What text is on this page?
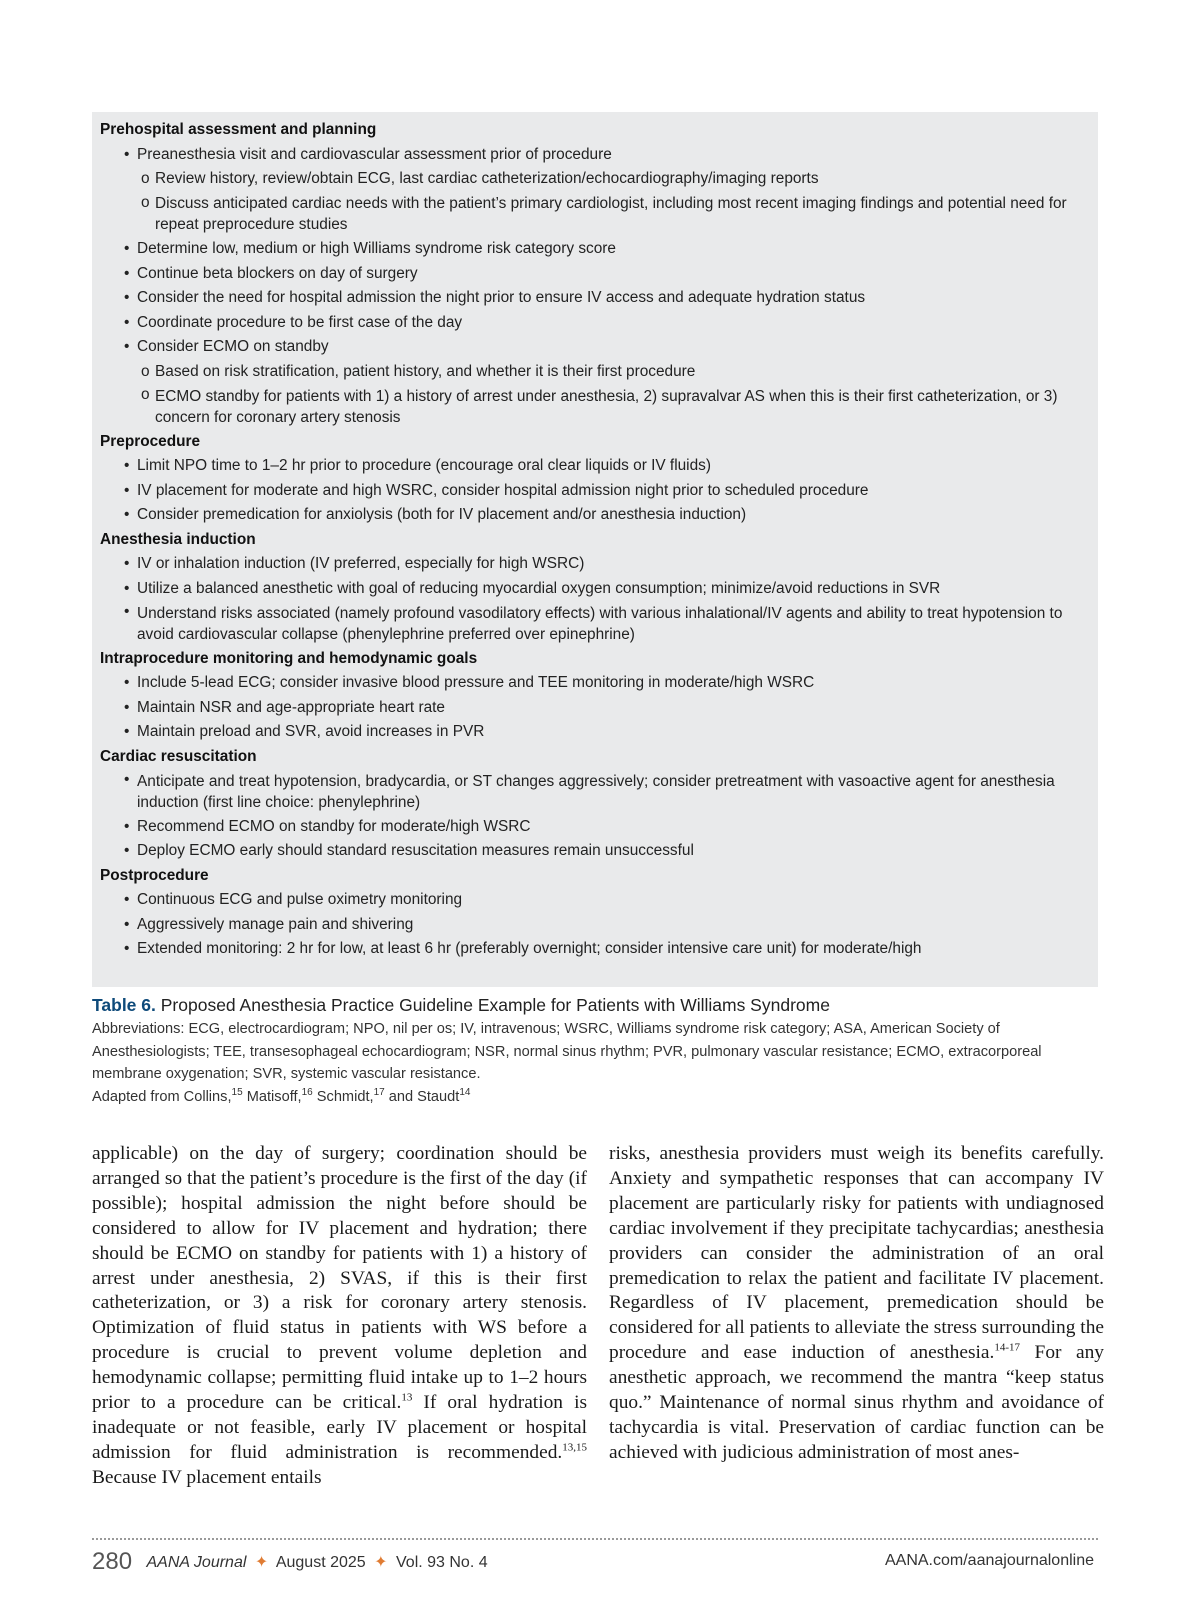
Prehospital assessment and planning
• Preanesthesia visit and cardiovascular assessment prior of procedure
o Review history, review/obtain ECG, last cardiac catheterization/echocardiography/imaging reports
o Discuss anticipated cardiac needs with the patient’s primary cardiologist, including most recent imaging findings and potential need for repeat preprocedure studies
• Determine low, medium or high Williams syndrome risk category score
• Continue beta blockers on day of surgery
• Consider the need for hospital admission the night prior to ensure IV access and adequate hydration status
• Coordinate procedure to be first case of the day
• Consider ECMO on standby
o Based on risk stratification, patient history, and whether it is their first procedure
o ECMO standby for patients with 1) a history of arrest under anesthesia, 2) supravalvar AS when this is their first catheterization, or 3) concern for coronary artery stenosis
Preprocedure
• Limit NPO time to 1–2 hr prior to procedure (encourage oral clear liquids or IV fluids)
• IV placement for moderate and high WSRC, consider hospital admission night prior to scheduled procedure
• Consider premedication for anxiolysis (both for IV placement and/or anesthesia induction)
Anesthesia induction
• IV or inhalation induction (IV preferred, especially for high WSRC)
• Utilize a balanced anesthetic with goal of reducing myocardial oxygen consumption; minimize/avoid reductions in SVR
• Understand risks associated (namely profound vasodilatory effects) with various inhalational/IV agents and ability to treat hypotension to avoid cardiovascular collapse (phenylephrine preferred over epinephrine)
Intraprocedure monitoring and hemodynamic goals
• Include 5-lead ECG; consider invasive blood pressure and TEE monitoring in moderate/high WSRC
• Maintain NSR and age-appropriate heart rate
• Maintain preload and SVR, avoid increases in PVR
Cardiac resuscitation
• Anticipate and treat hypotension, bradycardia, or ST changes aggressively; consider pretreatment with vasoactive agent for anesthesia induction (first line choice: phenylephrine)
• Recommend ECMO on standby for moderate/high WSRC
• Deploy ECMO early should standard resuscitation measures remain unsuccessful
Postprocedure
• Continuous ECG and pulse oximetry monitoring
• Aggressively manage pain and shivering
• Extended monitoring: 2 hr for low, at least 6 hr (preferably overnight; consider intensive care unit) for moderate/high
Table 6. Proposed Anesthesia Practice Guideline Example for Patients with Williams Syndrome
Abbreviations: ECG, electrocardiogram; NPO, nil per os; IV, intravenous; WSRC, Williams syndrome risk category; ASA, American Society of Anesthesiologists; TEE, transesophageal echocardiogram; NSR, normal sinus rhythm; PVR, pulmonary vascular resistance; ECMO, extracorporeal membrane oxygenation; SVR, systemic vascular resistance.
Adapted from Collins,$^{15}$ Matisoff,$^{16}$ Schmidt,$^{17}$ and Staudt$^{14}$

applicable) on the day of surgery; coordination should be arranged so that the patient’s procedure is the first of the day (if possible); hospital admission the night before should be considered to allow for IV placement and hydration; there should be ECMO on standby for patients with 1) a history of arrest under anesthesia, 2) SVAS, if this is their first catheterization, or 3) a risk for coronary artery stenosis. Optimization of fluid status in patients with WS before a procedure is crucial to prevent volume depletion and hemodynamic collapse; permitting fluid intake up to 1–2 hours prior to a procedure can be critical.$^{13}$ If oral hydration is inadequate or not feasible, early IV placement or hospital admission for fluid administration is recommended.$^{13,15}$ Because IV placement entails

risks, anesthesia providers must weigh its benefits carefully. Anxiety and sympathetic responses that can accompany IV placement are particularly risky for patients with undiagnosed cardiac involvement if they precipitate tachycardias; anesthesia providers can consider the administration of an oral premedication to relax the patient and facilitate IV placement. Regardless of IV placement, premedication should be considered for all patients to alleviate the stress surrounding the procedure and ease induction of anesthesia.$^{14-17}$ For any anesthetic approach, we recommend the mantra “keep status quo.” Maintenance of normal sinus rhythm and avoidance of tachycardia is vital. Preservation of cardiac function can be achieved with judicious administration of most anes-

280 AANA Journal ✦ August 2025 ✦ Vol. 93 No. 4	AANA.com/aanajournalonline
